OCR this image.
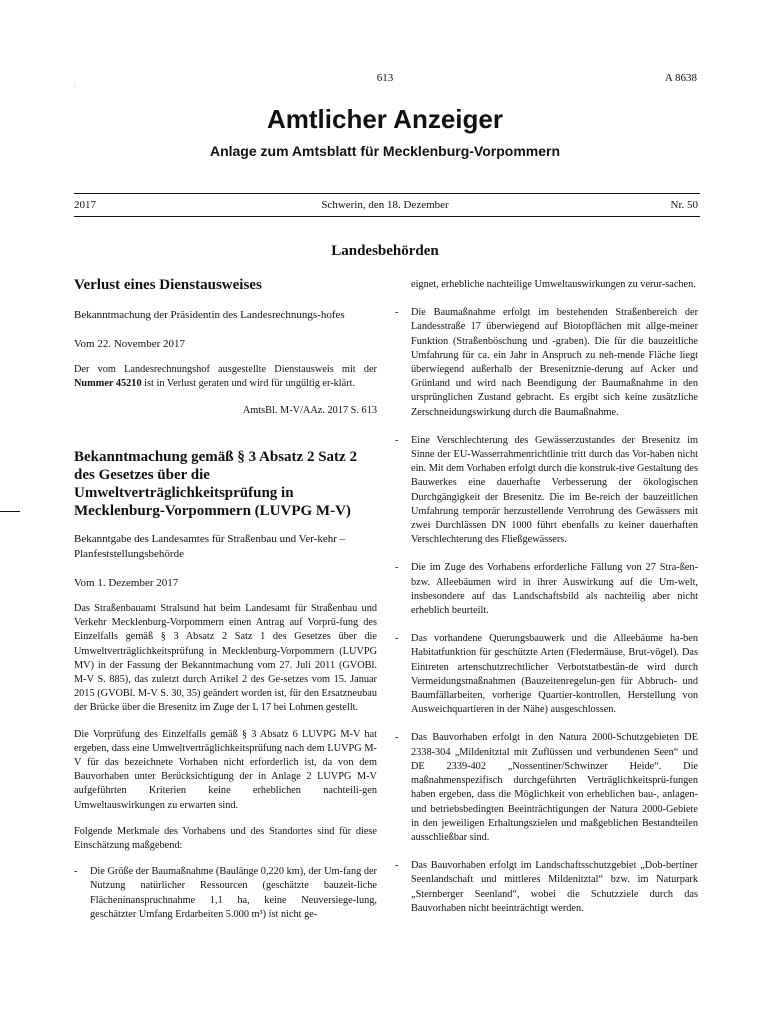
613	A 8638
Amtlicher Anzeiger
Anlage zum Amtsblatt für Mecklenburg-Vorpommern
2017	Schwerin, den 18. Dezember	Nr. 50
Landesbehörden
Verlust eines Dienstausweises
Bekanntmachung der Präsidentin des Landesrechnungs-hofes
Vom 22. November 2017

Der vom Landesrechnungshof ausgestellte Dienstausweis mit der Nummer 45210 ist in Verlust geraten und wird für ungültig er-klärt.

AmtsBl. M-V/AAz. 2017 S. 613
Bekanntmachung gemäß § 3 Absatz 2 Satz 2 des Gesetzes über die Umweltverträglichkeitsprüfung in Mecklenburg-Vorpommern (LUVPG M-V)
Bekanntgabe des Landesamtes für Straßenbau und Ver-kehr – Planfeststellungsbehörde
Vom 1. Dezember 2017

Das Straßenbauamt Stralsund hat beim Landesamt für Straßenbau und Verkehr Mecklenburg-Vorpommern einen Antrag auf Vorprü-fung des Einzelfalls gemäß § 3 Absatz 2 Satz 1 des Gesetzes über die Umweltverträglichkeitsprüfung in Mecklenburg-Vorpommern (LUVPG MV) in der Fassung der Bekanntmachung vom 27. Juli 2011 (GVOBl. M-V S. 885), das zuletzt durch Artikel 2 des Ge-setzes vom 15. Januar 2015 (GVOBl. M-V S. 30, 35) geändert worden ist, für den Ersatzneubau der Brücke über die Bresenitz im Zuge der L 17 bei Lohmen gestellt.

Die Vorprüfung des Einzelfalls gemäß § 3 Absatz 6 LUVPG M-V hat ergeben, dass eine Umweltverträglichkeitsprüfung nach dem LUVPG M-V für das bezeichnete Vorhaben nicht erforderlich ist, da von dem Bauvorhaben unter Berücksichtigung der in Anlage 2 LUVPG M-V aufgeführten Kriterien keine erheblichen nachteili-gen Umweltauswirkungen zu erwarten sind.

Folgende Merkmale des Vorhabens und des Standortes sind für diese Einschätzung maßgebend:

-	Die Größe der Baumaßnahme (Baulänge 0,220 km), der Um-fang der Nutzung natürlicher Ressourcen (geschätzte bauzeit-liche Flächeninanspruchnahme 1,1 ha, keine Neuversiege-lung, geschätzter Umfang Erdarbeiten 5.000 m³) ist nicht ge-
eignet, erhebliche nachteilige Umweltauswirkungen zu verur-sachen.
-	Die Baumaßnahme erfolgt im bestehenden Straßenbereich der Landesstraße 17 überwiegend auf Biotopflächen mit allge-meiner Funktion (Straßenböschung und -graben). Die für die bauzeitliche Umfahrung für ca. ein Jahr in Anspruch zu neh-mende Fläche liegt überwiegend außerhalb der Bresenitznie-derung auf Acker und Grünland und wird nach Beendigung der Baumaßnahme in den ursprünglichen Zustand gebracht. Es ergibt sich keine zusätzliche Zerschneidungswirkung durch die Baumaßnahme.
-	Eine Verschlechterung des Gewässerzustandes der Bresenitz im Sinne der EU-Wasserrahmenrichtlinie tritt durch das Vor-haben nicht ein. Mit dem Vorhaben erfolgt durch die konstruk-tive Gestaltung des Bauwerkes eine dauerhafte Verbesserung der ökologischen Durchgängigkeit der Bresenitz. Die im Be-reich der bauzeitlichen Umfahrung temporär herzustellende Verrohrung des Gewässers mit zwei Durchlässen DN 1000 führt ebenfalls zu keiner dauerhaften Verschlechterung des Fließgewässers.
-	Die im Zuge des Vorhabens erforderliche Fällung von 27 Stra-ßen- bzw. Alleebäumen wird in ihrer Auswirkung auf die Um-welt, insbesondere auf das Landschaftsbild als nachteilig aber nicht erheblich beurteilt.
-	Das vorhandene Querungsbauwerk und die Alleebäume ha-ben Habitatfunktion für geschützte Arten (Fledermäuse, Brut-vögel). Das Eintreten artenschutzrechtlicher Verbotstatbestän-de wird durch Vermeidungsmaßnahmen (Bauzeitenregelun-gen für Abbruch- und Baumfällarbeiten, vorherige Quartier-kontrollen, Herstellung von Ausweichquartieren in der Nähe) ausgeschlossen.
-	Das Bauvorhaben erfolgt in den Natura 2000-Schutzgebieten DE 2338-304 „Mildenitztal mit Zuflüssen und verbundenen Seen“ und DE 2339-402 „Nossentiner/Schwinzer Heide“. Die maßnahmenspezifisch durchgeführten Verträglichkeitsprü-fungen haben ergeben, dass die Möglichkeit von erheblichen bau-, anlagen- und betriebsbedingten Beeinträchtigungen der Natura 2000-Gebiete in den jeweiligen Erhaltungszielen und maßgeblichen Bestandteilen ausschließbar sind.
-	Das Bauvorhaben erfolgt im Landschaftsschutzgebiet „Dob-bertiner Seenlandschaft und mittleres Mildenitztal“ bzw. im Naturpark „Sternberger Seenland“, wobei die Schutzziele durch das Bauvorhaben nicht beeinträchtigt werden.
